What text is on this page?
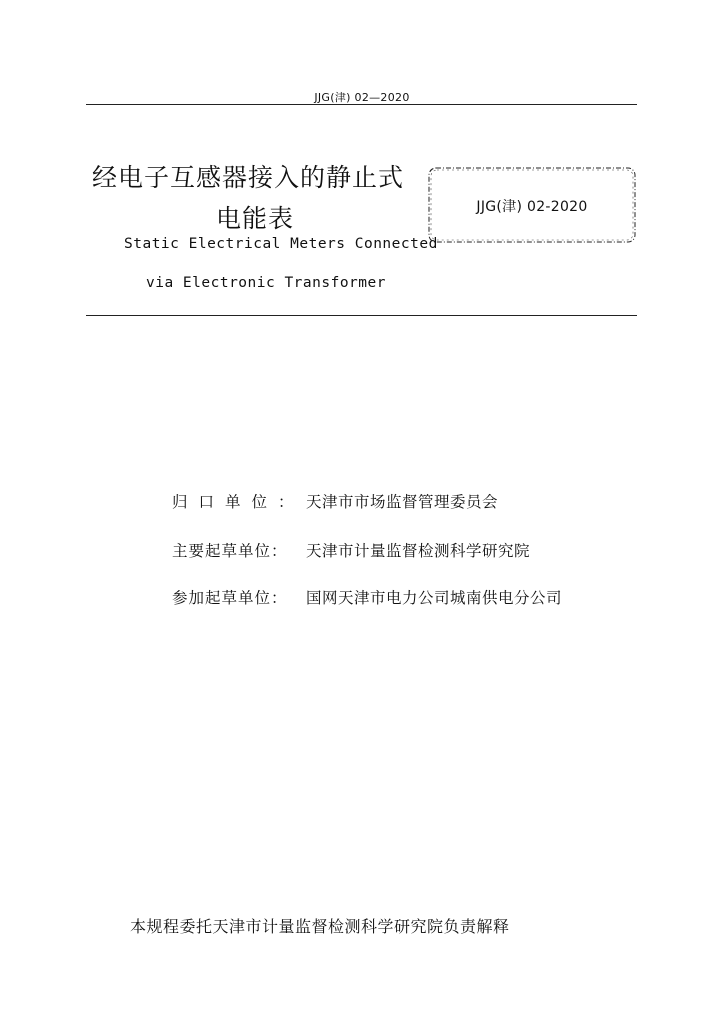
JJG(津) 02—2020
经电子互感器接入的静止式
电能表
Static Electrical Meters Connected
via Electronic Transformer
JJG(津) 02-2020
归口单位： 天津市市场监督管理委员会
主要起草单位：	天津市计量监督检测科学研究院
参加起草单位：	国网天津市电力公司城南供电分公司
本规程委托天津市计量监督检测科学研究院负责解释
